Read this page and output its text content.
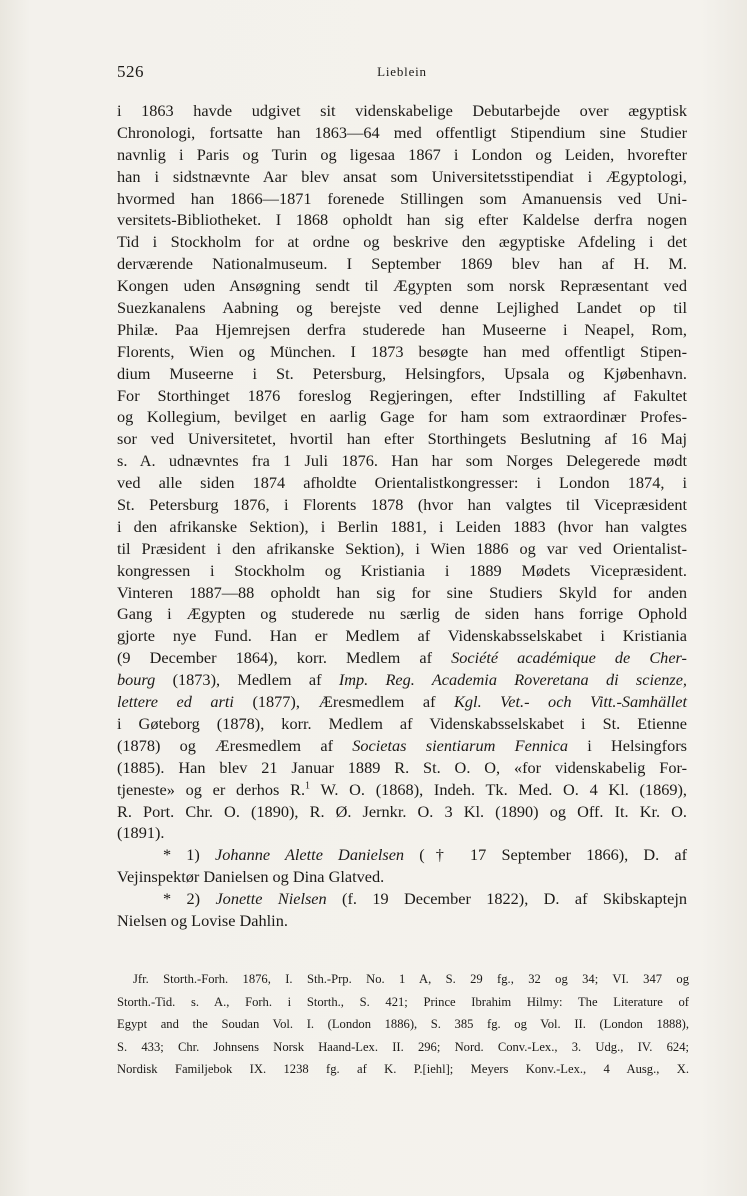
526	Lieblein
i 1863 havde udgivet sit videnskabelige Debutarbejde over ægyptisk
Chronologi, fortsatte han 1863—64 med offentligt Stipendium sine Studier
navnlig i Paris og Turin og ligesaa 1867 i London og Leiden, hvorefter
han i sidstnævnte Aar blev ansat som Universitetsstipendiat i Ægyptologi,
hvormed han 1866—1871 forenede Stillingen som Amanuensis ved Uni-
versitets-Bibliotheket. I 1868 opholdt han sig efter Kaldelse derfra nogen
Tid i Stockholm for at ordne og beskrive den ægyptiske Afdeling i det
derværende Nationalmuseum. I September 1869 blev han af H. M.
Kongen uden Ansøgning sendt til Ægypten som norsk Repræsentant ved
Suezkanalens Aabning og berejste ved denne Lejlighed Landet op til
Philæ. Paa Hjemrejsen derfra studerede han Museerne i Neapel, Rom,
Florents, Wien og München. I 1873 besøgte han med offentligt Stipen-
dium Museerne i St. Petersburg, Helsingfors, Upsala og Kjøbenhavn.
For Storthinget 1876 foreslog Regjeringen, efter Indstilling af Fakultet
og Kollegium, bevilget en aarlig Gage for ham som extraordinær Profes-
sor ved Universitetet, hvortil han efter Storthingets Beslutning af 16 Maj
s. A. udnævntes fra 1 Juli 1876. Han har som Norges Delegerede mødt
ved alle siden 1874 afholdte Orientalistkongresser: i London 1874, i
St. Petersburg 1876, i Florents 1878 (hvor han valgtes til Vicepræsident
i den afrikanske Sektion), i Berlin 1881, i Leiden 1883 (hvor han valgtes
til Præsident i den afrikanske Sektion), i Wien 1886 og var ved Orientalist-
kongressen i Stockholm og Kristiania i 1889 Mødets Vicepræsident.
Vinteren 1887—88 opholdt han sig for sine Studiers Skyld for anden
Gang i Ægypten og studerede nu særlig de siden hans forrige Ophold
gjorte nye Fund. Han er Medlem af Videnskabsselskabet i Kristiania
(9 December 1864), korr. Medlem af Société académique de Cher-
bourg (1873), Medlem af Imp. Reg. Academia Roveretana di scienze,
lettere ed arti (1877), Æresmedlem af Kgl. Vet.- och Vitt.-Samhället
i Gøteborg (1878), korr. Medlem af Videnskabsselskabet i St. Etienne
(1878) og Æresmedlem af Societas sientiarum Fennica i Helsingfors
(1885). Han blev 21 Januar 1889 R. St. O. O, «for videnskabelig For-
tjeneste» og er derhos R.$^1$ W. O. (1868), Indeh. Tk. Med. O. 4 Kl. (1869),
R. Port. Chr. O. (1890), R. Ø. Jernkr. O. 3 Kl. (1890) og Off. It. Kr. O.
(1891).
* 1) Johanne Alette Danielsen († 17 September 1866), D. af
Vejinspektør Danielsen og Dina Glatved.
* 2) Jonette Nielsen (f. 19 December 1822), D. af Skibskaptejn
Nielsen og Lovise Dahlin.
Jfr. Storth.-Forh. 1876, I. Sth.-Prp. No. 1 A, S. 29 fg., 32 og 34; VI. 347 og
Storth.-Tid. s. A., Forh. i Storth., S. 421; Prince Ibrahim Hilmy: The Literature of
Egypt and the Soudan Vol. I. (London 1886), S. 385 fg. og Vol. II. (London 1888),
S. 433; Chr. Johnsens Norsk Haand-Lex. II. 296; Nord. Conv.-Lex., 3. Udg., IV. 624;
Nordisk Familjebok IX. 1238 fg. af K. P.[iehl]; Meyers Konv.-Lex., 4 Ausg., X.
